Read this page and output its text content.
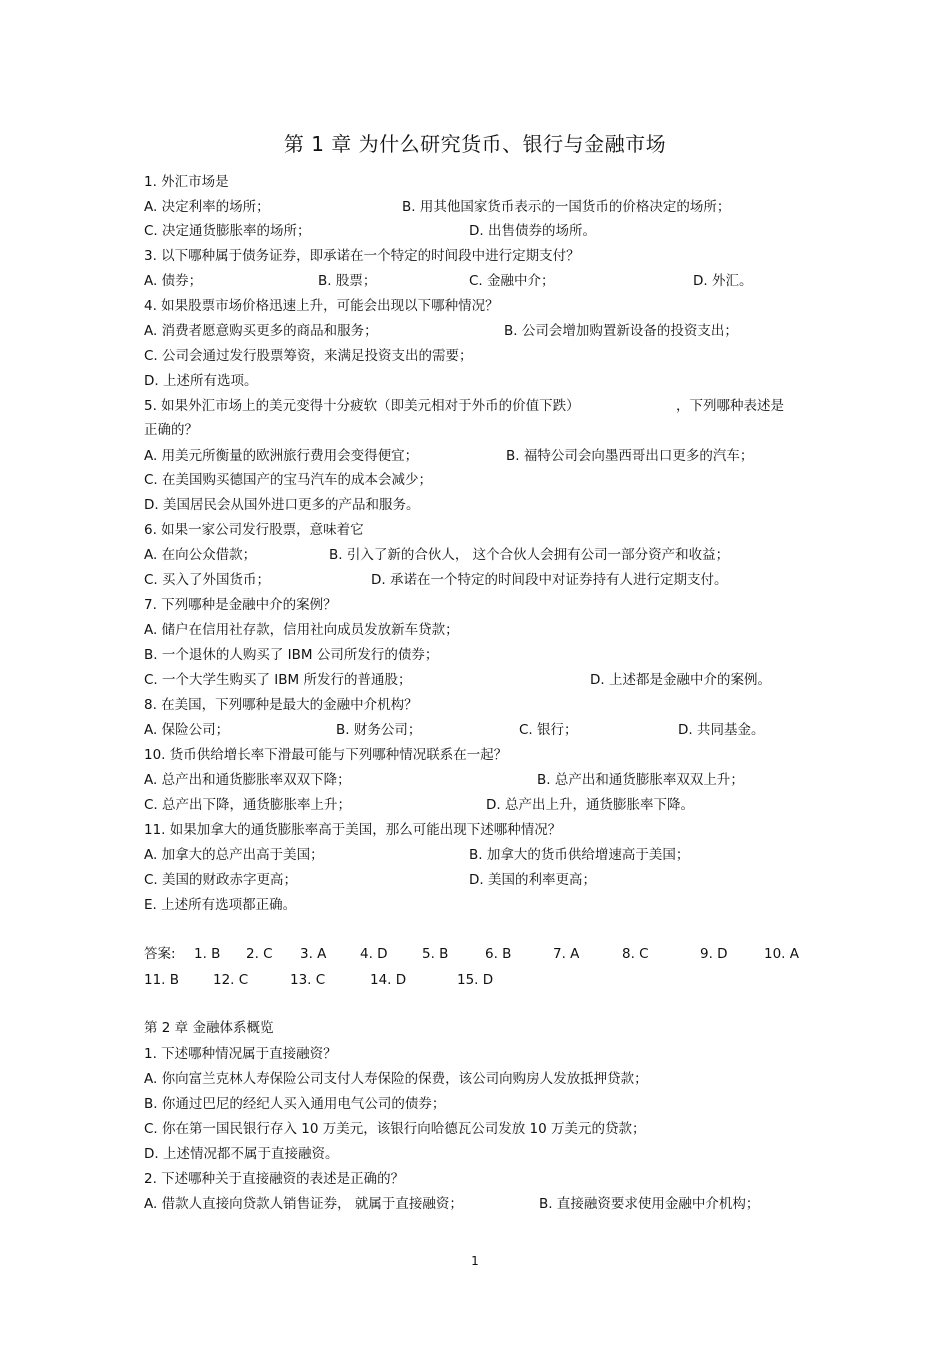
第 1 章 为什么研究货币、银行与金融市场
1. 外汇市场是
A. 决定利率的场所；	B. 用其他国家货币表示的一国货币的价格决定的场所；
C. 决定通货膨胀率的场所；	D. 出售债券的场所。
3. 以下哪种属于债务证券，即承诺在一个特定的时间段中进行定期支付？
A. 债券；	B. 股票；	C. 金融中介；	D. 外汇。
4. 如果股票市场价格迅速上升，可能会出现以下哪种情况？
A. 消费者愿意购买更多的商品和服务；	B. 公司会增加购置新设备的投资支出；
C. 公司会通过发行股票筹资，来满足投资支出的需要；
D. 上述所有选项。
5. 如果外汇市场上的美元变得十分疲软（即美元相对于外币的价值下跌）	，下列哪种表述是
正确的？
A. 用美元所衡量的欧洲旅行费用会变得便宜；	B. 福特公司会向墨西哥出口更多的汽车；
C. 在美国购买德国产的宝马汽车的成本会减少；
D. 美国居民会从国外进口更多的产品和服务。
6. 如果一家公司发行股票，意味着它
A. 在向公众借款；	B. 引入了新的合伙人， 这个合伙人会拥有公司一部分资产和收益；
C. 买入了外国货币；	D. 承诺在一个特定的时间段中对证券持有人进行定期支付。
7. 下列哪种是金融中介的案例？
A. 储户在信用社存款，信用社向成员发放新车贷款；
B. 一个退休的人购买了 IBM 公司所发行的债券；
C. 一个大学生购买了 IBM 所发行的普通股；	D. 上述都是金融中介的案例。
8. 在美国，下列哪种是最大的金融中介机构？
A. 保险公司；	B. 财务公司；	C. 银行；	D. 共同基金。
10. 货币供给增长率下滑最可能与下列哪种情况联系在一起？
A. 总产出和通货膨胀率双双下降；	B. 总产出和通货膨胀率双双上升；
C. 总产出下降，通货膨胀率上升；	D. 总产出上升，通货膨胀率下降。
11. 如果加拿大的通货膨胀率高于美国，那么可能出现下述哪种情况？
A. 加拿大的总产出高于美国；	B. 加拿大的货币供给增速高于美国；
C. 美国的财政赤字更高；	D. 美国的利率更高；
E. 上述所有选项都正确。
答案: 1. B 2. C 3. A 4. D	5. B	6. B	7. A	8. C	9. D	10. A
11. B	12. C	13. C	14. D	15. D
第 2 章 金融体系概览
1. 下述哪种情况属于直接融资？
A. 你向富兰克林人寿保险公司支付人寿保险的保费，该公司向购房人发放抵押贷款；
B. 你通过巴尼的经纪人买入通用电气公司的债券；
C. 你在第一国民银行存入 10 万美元，该银行向哈德瓦公司发放 10 万美元的贷款；
D. 上述情况都不属于直接融资。
2. 下述哪种关于直接融资的表述是正确的？
A. 借款人直接向贷款人销售证券， 就属于直接融资；	B. 直接融资要求使用金融中介机构；
1
